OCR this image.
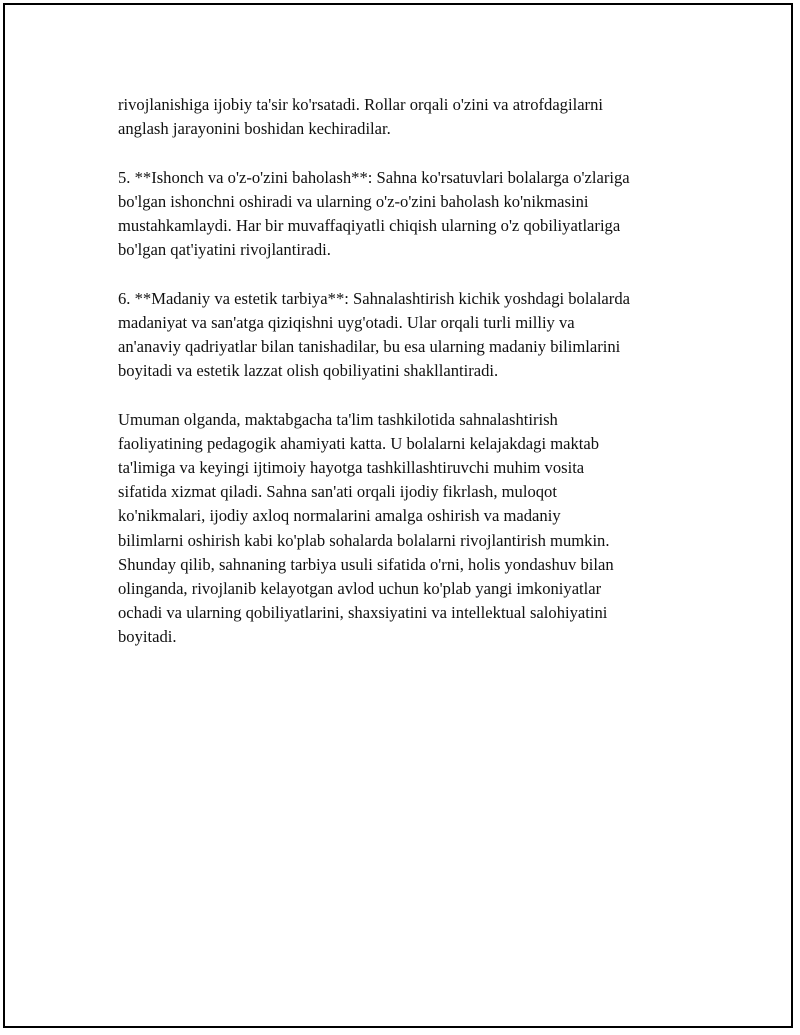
rivojlanishiga ijobiy ta'sir ko'rsatadi. Rollar orqali o'zini va atrofdagilarni
anglash jarayonini boshidan kechiradilar.

5. **Ishonch va o'z-o'zini baholash**: Sahna ko'rsatuvlari bolalarga o'zlariga
bo'lgan ishonchni oshiradi va ularning o'z-o'zini baholash ko'nikmasini
mustahkamlaydi. Har bir muvaffaqiyatli chiqish ularning o'z qobiliyatlariga
bo'lgan qat'iyatini rivojlantiradi.

6. **Madaniy va estetik tarbiya**: Sahnalashtirish kichik yoshdagi bolalarda
madaniyat va san'atga qiziqishni uyg'otadi. Ular orqali turli milliy va
an'anaviy qadriyatlar bilan tanishadilar, bu esa ularning madaniy bilimlarini
boyitadi va estetik lazzat olish qobiliyatini shakllantiradi.

Umuman olganda, maktabgacha ta'lim tashkilotida sahnalashtirish
faoliyatining pedagogik ahamiyati katta. U bolalarni kelajakdagi maktab
ta'limiga va keyingi ijtimoiy hayotga tashkillashtiruvchi muhim vosita
sifatida xizmat qiladi. Sahna san'ati orqali ijodiy fikrlash, muloqot
ko'nikmalari, ijodiy axloq normalarini amalga oshirish va madaniy
bilimlarni oshirish kabi ko'plab sohalarda bolalarni rivojlantirish mumkin.
Shunday qilib, sahnaning tarbiya usuli sifatida o'rni, holis yondashuv bilan
olinganda, rivojlanib kelayotgan avlod uchun ko'plab yangi imkoniyatlar
ochadi va ularning qobiliyatlarini, shaxsiyatini va intellektual salohiyatini
boyitadi.
